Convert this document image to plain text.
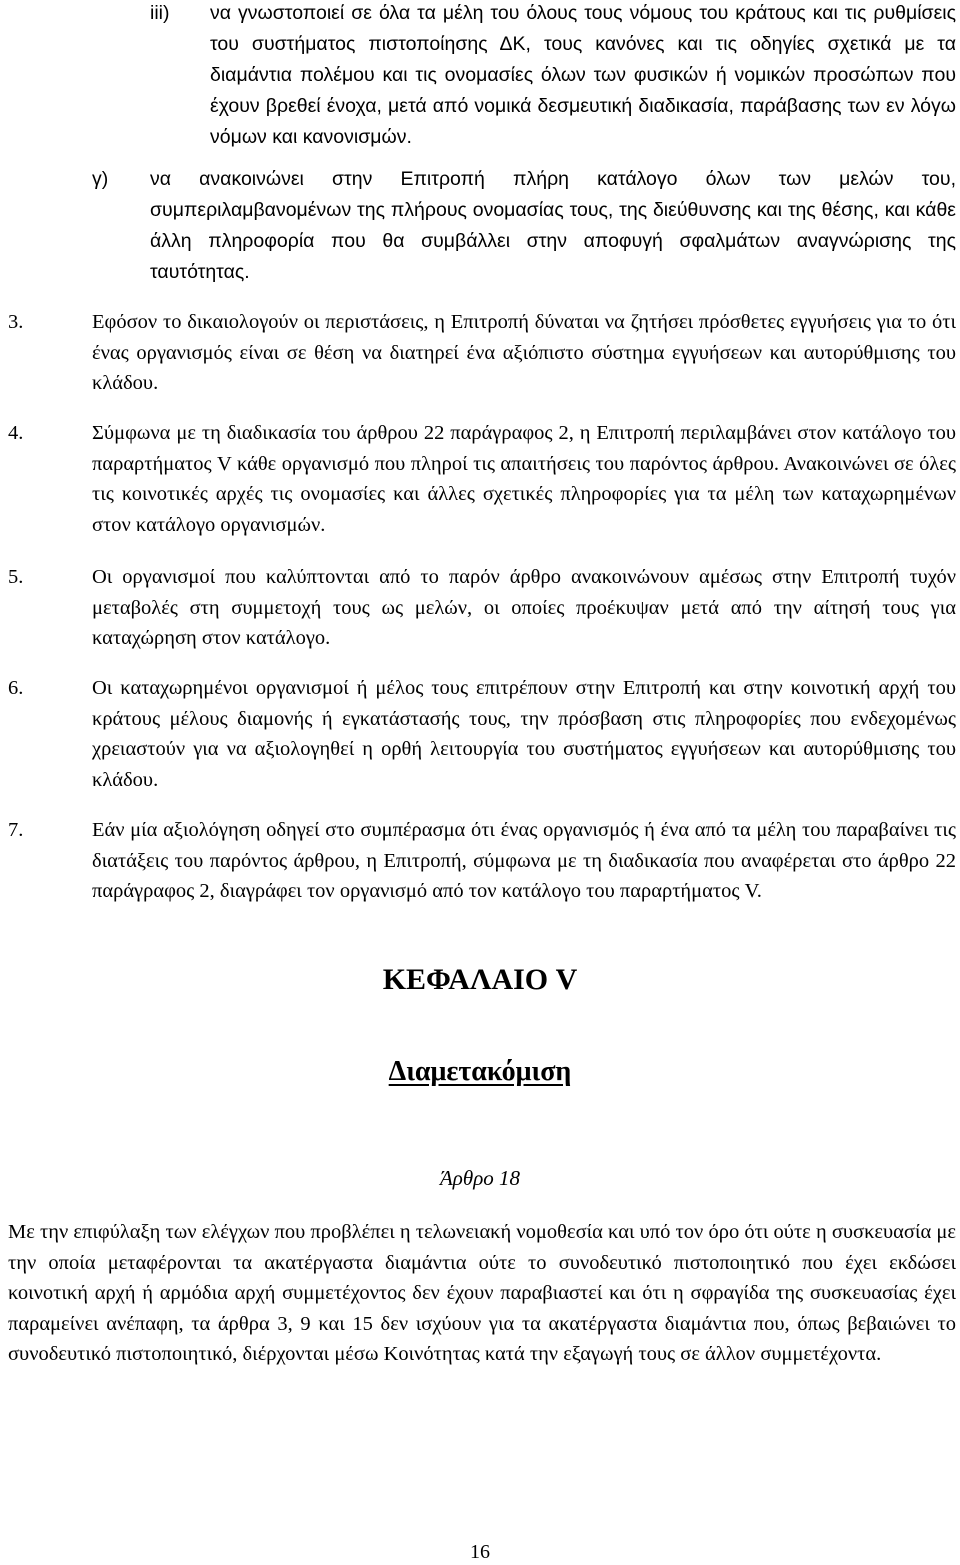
iii) να γνωστοποιεί σε όλα τα μέλη του όλους τους νόμους του κράτους και τις ρυθμίσεις του συστήματος πιστοποίησης ΔΚ, τους κανόνες και τις οδηγίες σχετικά με τα διαμάντια πολέμου και τις ονομασίες όλων των φυσικών ή νομικών προσώπων που έχουν βρεθεί ένοχα, μετά από νομικά δεσμευτική διαδικασία, παράβασης των εν λόγω νόμων και κανονισμών.
γ) να ανακοινώνει στην Επιτροπή πλήρη κατάλογο όλων των μελών του, συμπεριλαμβανομένων της πλήρους ονομασίας τους, της διεύθυνσης και της θέσης, και κάθε άλλη πληροφορία που θα συμβάλλει στην αποφυγή σφαλμάτων αναγνώρισης της ταυτότητας.
3.	Εφόσον το δικαιολογούν οι περιστάσεις, η Επιτροπή δύναται να ζητήσει πρόσθετες εγγυήσεις για το ότι ένας οργανισμός είναι σε θέση να διατηρεί ένα αξιόπιστο σύστημα εγγυήσεων και αυτορύθμισης του κλάδου.
4.	Σύμφωνα με τη διαδικασία του άρθρου 22 παράγραφος 2, η Επιτροπή περιλαμβάνει στον κατάλογο του παραρτήματος V κάθε οργανισμό που πληροί τις απαιτήσεις του παρόντος άρθρου. Ανακοινώνει σε όλες τις κοινοτικές αρχές τις ονομασίες και άλλες σχετικές πληροφορίες για τα μέλη των καταχωρημένων στον κατάλογο οργανισμών.
5.	Οι οργανισμοί που καλύπτονται από το παρόν άρθρο ανακοινώνουν αμέσως στην Επιτροπή τυχόν μεταβολές στη συμμετοχή τους ως μελών, οι οποίες προέκυψαν μετά από την αίτησή τους για καταχώρηση στον κατάλογο.
6.	Οι καταχωρημένοι οργανισμοί ή μέλος τους επιτρέπουν στην Επιτροπή και στην κοινοτική αρχή του κράτους μέλους διαμονής ή εγκατάστασής τους, την πρόσβαση στις πληροφορίες που ενδεχομένως χρειαστούν για να αξιολογηθεί η ορθή λειτουργία του συστήματος εγγυήσεων και αυτορύθμισης του κλάδου.
7.	Εάν μία αξιολόγηση οδηγεί στο συμπέρασμα ότι ένας οργανισμός ή ένα από τα μέλη του παραβαίνει τις διατάξεις του παρόντος άρθρου, η Επιτροπή, σύμφωνα με τη διαδικασία που αναφέρεται στο άρθρο 22 παράγραφος 2, διαγράφει τον οργανισμό από τον κατάλογο του παραρτήματος V.
ΚΕΦΑΛΑΙΟ V
Διαμετακόμιση
Άρθρο 18
Με την επιφύλαξη των ελέγχων που προβλέπει η τελωνειακή νομοθεσία και υπό τον όρο ότι ούτε η συσκευασία με την οποία μεταφέρονται τα ακατέργαστα διαμάντια ούτε το συνοδευτικό πιστοποιητικό που έχει εκδώσει κοινοτική αρχή ή αρμόδια αρχή συμμετέχοντος δεν έχουν παραβιαστεί και ότι η σφραγίδα της συσκευασίας έχει παραμείνει ανέπαφη, τα άρθρα 3, 9 και 15 δεν ισχύουν για τα ακατέργαστα διαμάντια που, όπως βεβαιώνει το συνοδευτικό πιστοποιητικό, διέρχονται μέσω Κοινότητας κατά την εξαγωγή τους σε άλλον συμμετέχοντα.
16
